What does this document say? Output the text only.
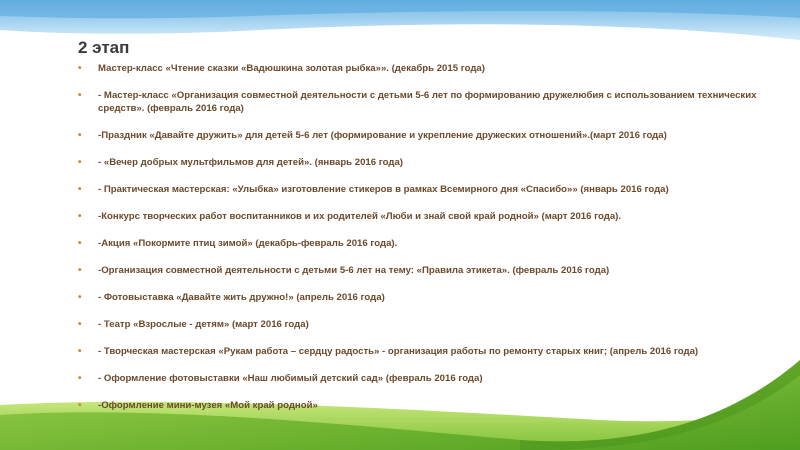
2 этап
• Мастер-класс «Чтение сказки «Вадюшкина золотая рыбка»». (декабрь 2015 года)
• - Мастер-класс «Организация совместной деятельности с детьми 5-6 лет по формированию дружелюбия с использованием технических средств». (февраль 2016 года)
• -Праздник «Давайте дружить» для детей 5-6 лет (формирование и укрепление дружеских отношений».(март 2016 года)
• - «Вечер добрых мультфильмов для детей». (январь 2016 года)
• - Практическая мастерская: «Улыбка» изготовление стикеров в рамках Всемирного дня «Спасибо»» (январь 2016 года)
• -Конкурс творческих работ воспитанников и их родителей «Люби и знай свой край родной» (март 2016 года).
• -Акция «Покормите птиц зимой» (декабрь-февраль 2016 года).
• -Организация совместной деятельности с детьми 5-6 лет на тему: «Правила этикета». (февраль 2016 года)
• - Фотовыставка «Давайте жить дружно!» (апрель 2016 года)
• - Театр «Взрослые - детям» (март 2016 года)
• - Творческая мастерская «Рукам работа – сердцу радость» - организация работы по ремонту старых книг; (апрель 2016 года)
• - Оформление фотовыставки «Наш любимый детский сад» (февраль 2016 года)
• -Оформление мини-музея «Мой край родной»
